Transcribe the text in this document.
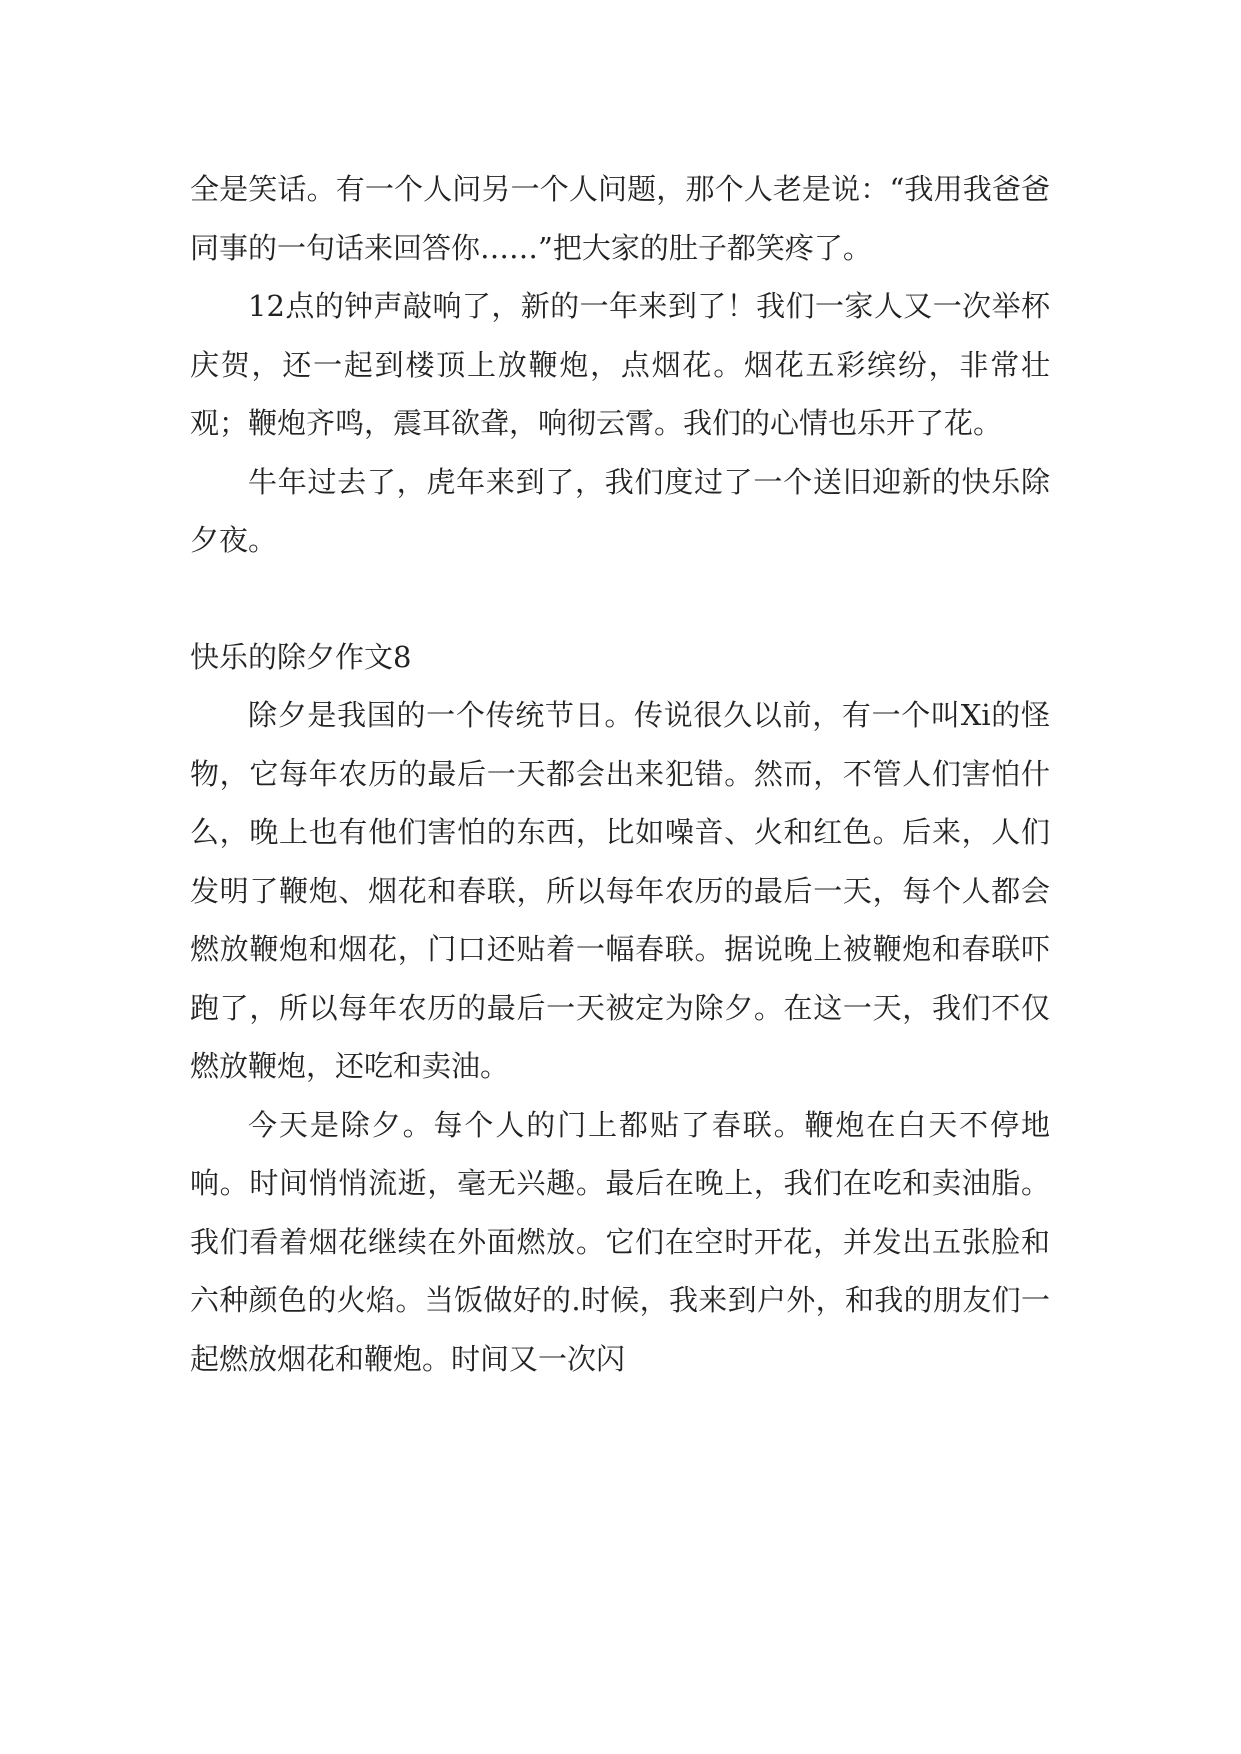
全是笑话。有一个人问另一个人问题，那个人老是说：“我用我爸爸同事的一句话来回答你……”把大家的肚子都笑疼了。

12点的钟声敲响了，新的一年来到了！我们一家人又一次举杯庆贺，还一起到楼顶上放鞭炮，点烟花。烟花五彩缤纷，非常壮观；鞭炮齐鸣，震耳欲聋，响彻云霄。我们的心情也乐开了花。

牛年过去了，虎年来到了，我们度过了一个送旧迎新的快乐除夕夜。

快乐的除夕作文8

除夕是我国的一个传统节日。传说很久以前，有一个叫Xi的怪物，它每年农历的最后一天都会出来犯错。然而，不管人们害怕什么，晚上也有他们害怕的东西，比如噪音、火和红色。后来，人们发明了鞭炮、烟花和春联，所以每年农历的最后一天，每个人都会燃放鞭炮和烟花，门口还贴着一幅春联。据说晚上被鞭炮和春联吓跑了，所以每年农历的最后一天被定为除夕。在这一天，我们不仅燃放鞭炮，还吃和卖油。

今天是除夕。每个人的门上都贴了春联。鞭炮在白天不停地响。时间悄悄流逝，毫无兴趣。最后在晚上，我们在吃和卖油脂。我们看着烟花继续在外面燃放。它们在空时开花，并发出五张脸和六种颜色的火焰。当饭做好的.时候，我来到户外，和我的朋友们一起燃放烟花和鞭炮。时间又一次闪
